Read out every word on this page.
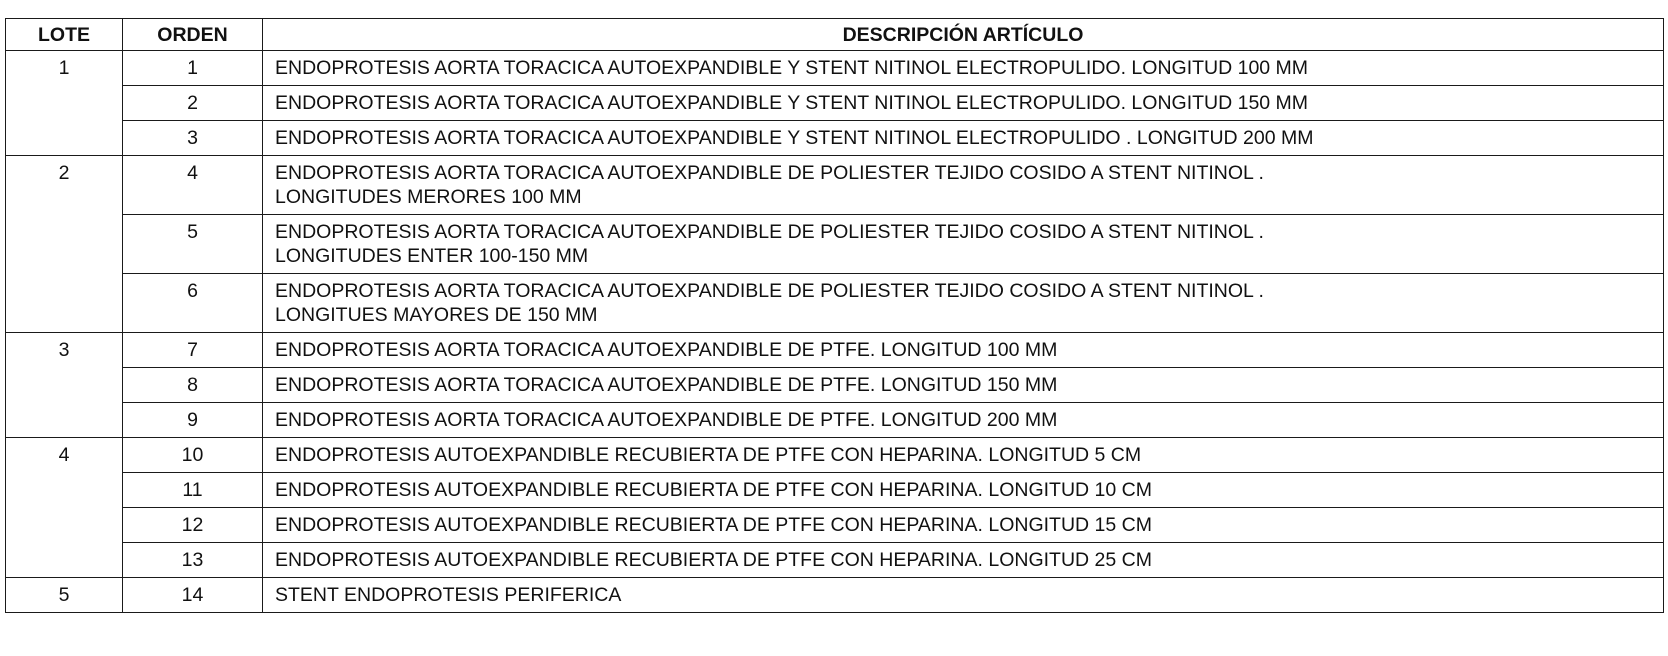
LOTE	ORDEN	DESCRIPCIÓN ARTÍCULO
1	1	ENDOPROTESIS AORTA TORACICA AUTOEXPANDIBLE Y STENT NITINOL ELECTROPULIDO. LONGITUD 100 MM
	2	ENDOPROTESIS AORTA TORACICA AUTOEXPANDIBLE Y STENT NITINOL ELECTROPULIDO. LONGITUD 150 MM
	3	ENDOPROTESIS AORTA TORACICA AUTOEXPANDIBLE Y STENT NITINOL ELECTROPULIDO . LONGITUD 200 MM
2	4	ENDOPROTESIS AORTA TORACICA AUTOEXPANDIBLE DE POLIESTER TEJIDO COSIDO A STENT NITINOL .
LONGITUDES MERORES 100 MM

	5	ENDOPROTESIS AORTA TORACICA AUTOEXPANDIBLE DE POLIESTER TEJIDO COSIDO A STENT NITINOL .
LONGITUDES ENTER 100-150 MM

	6	ENDOPROTESIS AORTA TORACICA AUTOEXPANDIBLE DE POLIESTER TEJIDO COSIDO A STENT NITINOL .
LONGITUES MAYORES DE 150 MM

3	7	ENDOPROTESIS AORTA TORACICA AUTOEXPANDIBLE DE PTFE. LONGITUD 100 MM
	8	ENDOPROTESIS AORTA TORACICA AUTOEXPANDIBLE DE PTFE. LONGITUD 150 MM
	9	ENDOPROTESIS AORTA TORACICA AUTOEXPANDIBLE DE PTFE. LONGITUD 200 MM
4	10	ENDOPROTESIS AUTOEXPANDIBLE RECUBIERTA DE PTFE CON HEPARINA. LONGITUD 5 CM
	11	ENDOPROTESIS AUTOEXPANDIBLE RECUBIERTA DE PTFE CON HEPARINA. LONGITUD 10 CM
	12	ENDOPROTESIS AUTOEXPANDIBLE RECUBIERTA DE PTFE CON HEPARINA. LONGITUD 15 CM
	13	ENDOPROTESIS AUTOEXPANDIBLE RECUBIERTA DE PTFE CON HEPARINA. LONGITUD 25 CM
5	14	STENT ENDOPROTESIS PERIFERICA
